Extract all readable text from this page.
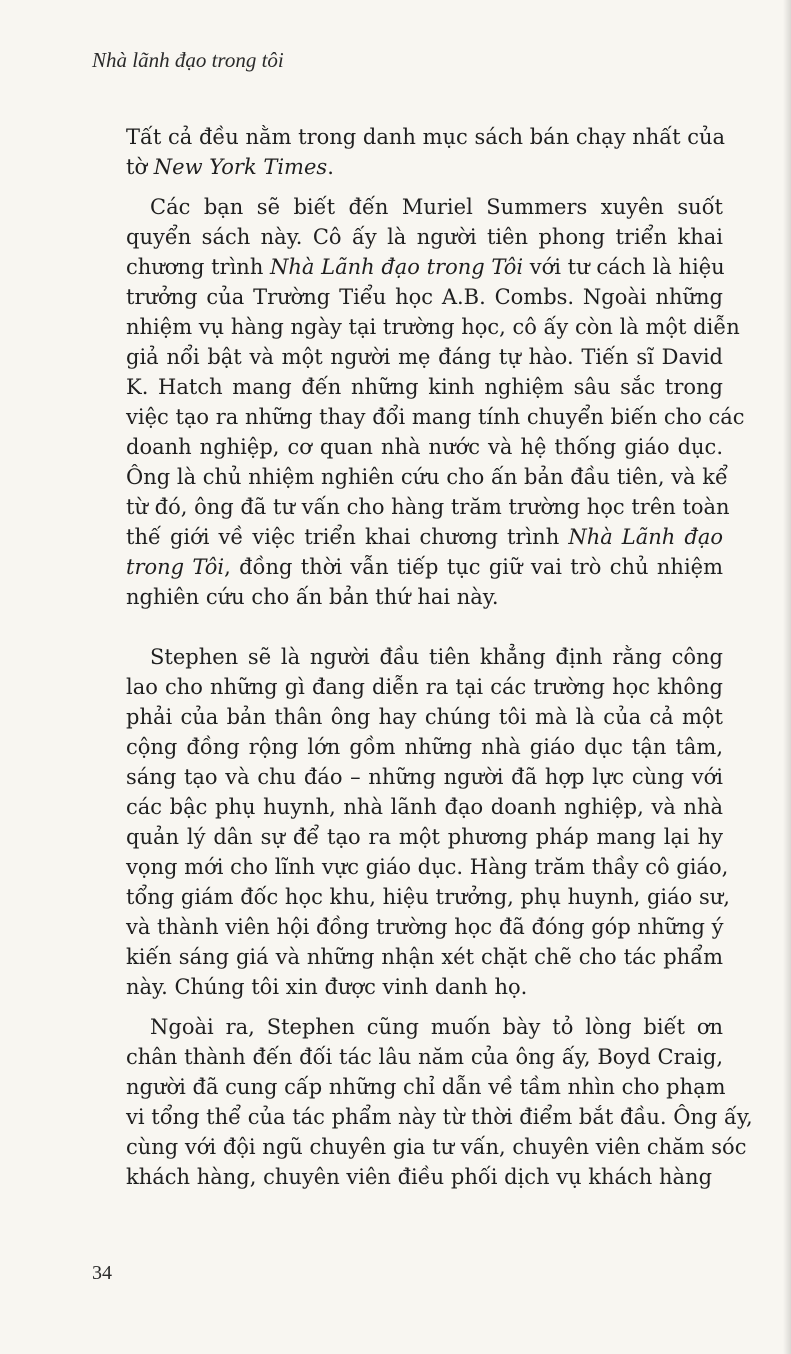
Nhà lãnh đạo trong tôi
Tất cả đều nằm trong danh mục sách bán chạy nhất của
tờ New York Times.
Các bạn sẽ biết đến Muriel Summers xuyên suốt
quyển sách này. Cô ấy là người tiên phong triển khai
chương trình Nhà Lãnh đạo trong Tôi với tư cách là hiệu
trưởng của Trường Tiểu học A.B. Combs. Ngoài những
nhiệm vụ hàng ngày tại trường học, cô ấy còn là một diễn
giả nổi bật và một người mẹ đáng tự hào. Tiến sĩ David
K. Hatch mang đến những kinh nghiệm sâu sắc trong
việc tạo ra những thay đổi mang tính chuyển biến cho các
doanh nghiệp, cơ quan nhà nước và hệ thống giáo dục.
Ông là chủ nhiệm nghiên cứu cho ấn bản đầu tiên, và kể
từ đó, ông đã tư vấn cho hàng trăm trường học trên toàn
thế giới về việc triển khai chương trình Nhà Lãnh đạo
trong Tôi, đồng thời vẫn tiếp tục giữ vai trò chủ nhiệm
nghiên cứu cho ấn bản thứ hai này.
Stephen sẽ là người đầu tiên khẳng định rằng công
lao cho những gì đang diễn ra tại các trường học không
phải của bản thân ông hay chúng tôi mà là của cả một
cộng đồng rộng lớn gồm những nhà giáo dục tận tâm,
sáng tạo và chu đáo – những người đã hợp lực cùng với
các bậc phụ huynh, nhà lãnh đạo doanh nghiệp, và nhà
quản lý dân sự để tạo ra một phương pháp mang lại hy
vọng mới cho lĩnh vực giáo dục. Hàng trăm thầy cô giáo,
tổng giám đốc học khu, hiệu trưởng, phụ huynh, giáo sư,
và thành viên hội đồng trường học đã đóng góp những ý
kiến sáng giá và những nhận xét chặt chẽ cho tác phẩm
này. Chúng tôi xin được vinh danh họ.
Ngoài ra, Stephen cũng muốn bày tỏ lòng biết ơn
chân thành đến đối tác lâu năm của ông ấy, Boyd Craig,
người đã cung cấp những chỉ dẫn về tầm nhìn cho phạm
vi tổng thể của tác phẩm này từ thời điểm bắt đầu. Ông ấy,
cùng với đội ngũ chuyên gia tư vấn, chuyên viên chăm sóc
khách hàng, chuyên viên điều phối dịch vụ khách hàng
34
